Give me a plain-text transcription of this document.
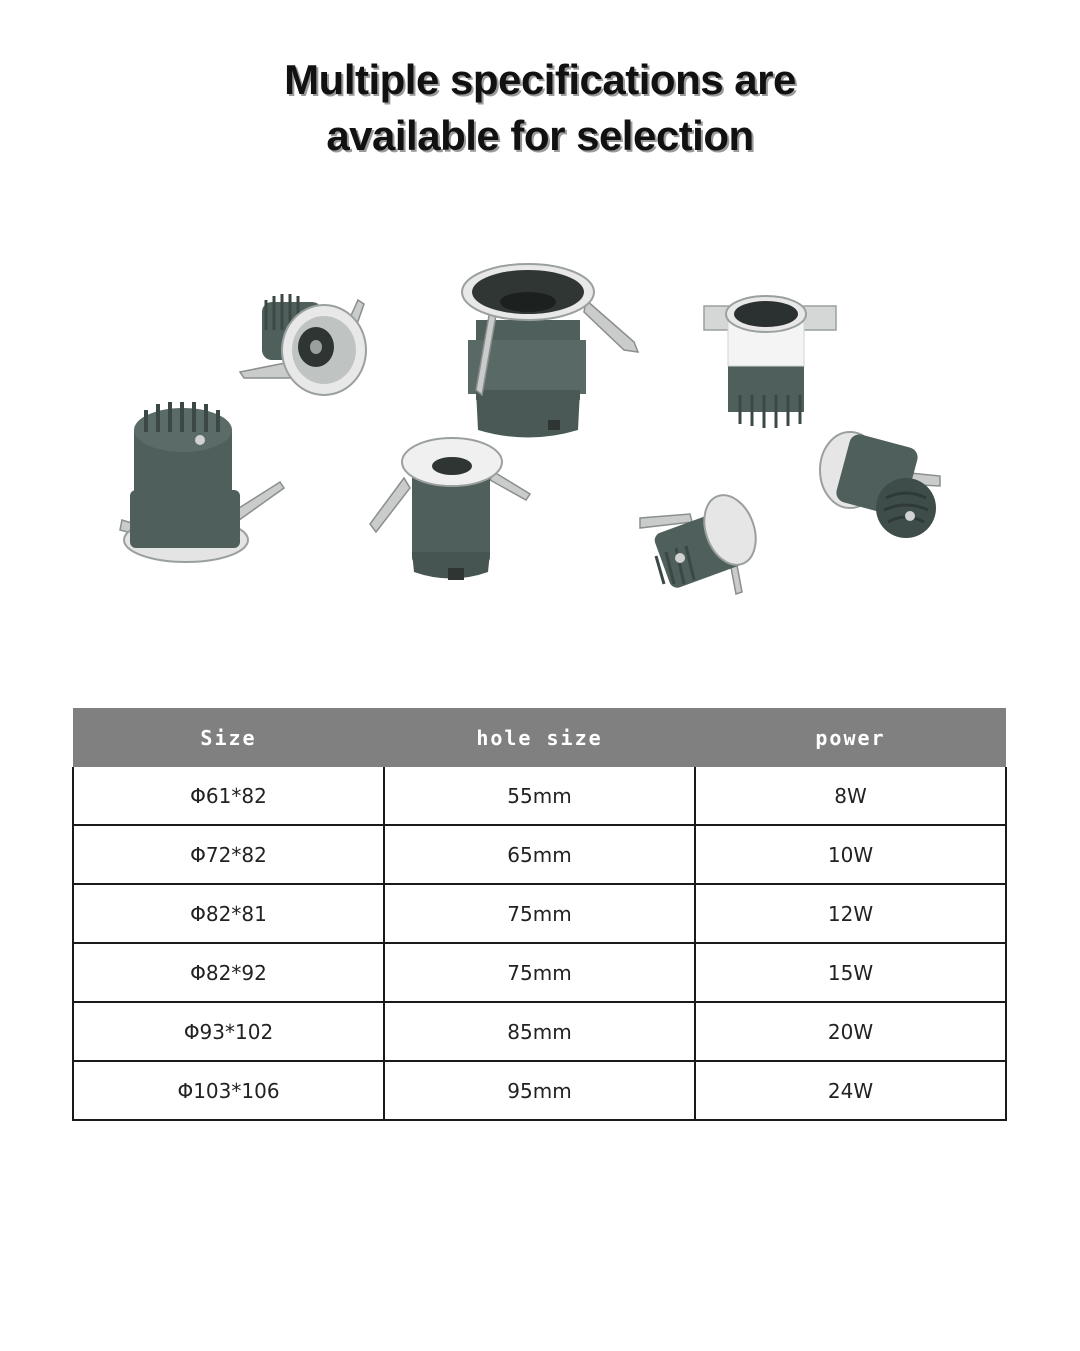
Multiple specifications are
available for selection
Size	hole size	power
Φ61*82	55mm	8W
Φ72*82	65mm	10W
Φ82*81	75mm	12W
Φ82*92	75mm	15W
Φ93*102	85mm	20W
Φ103*106	95mm	24W
